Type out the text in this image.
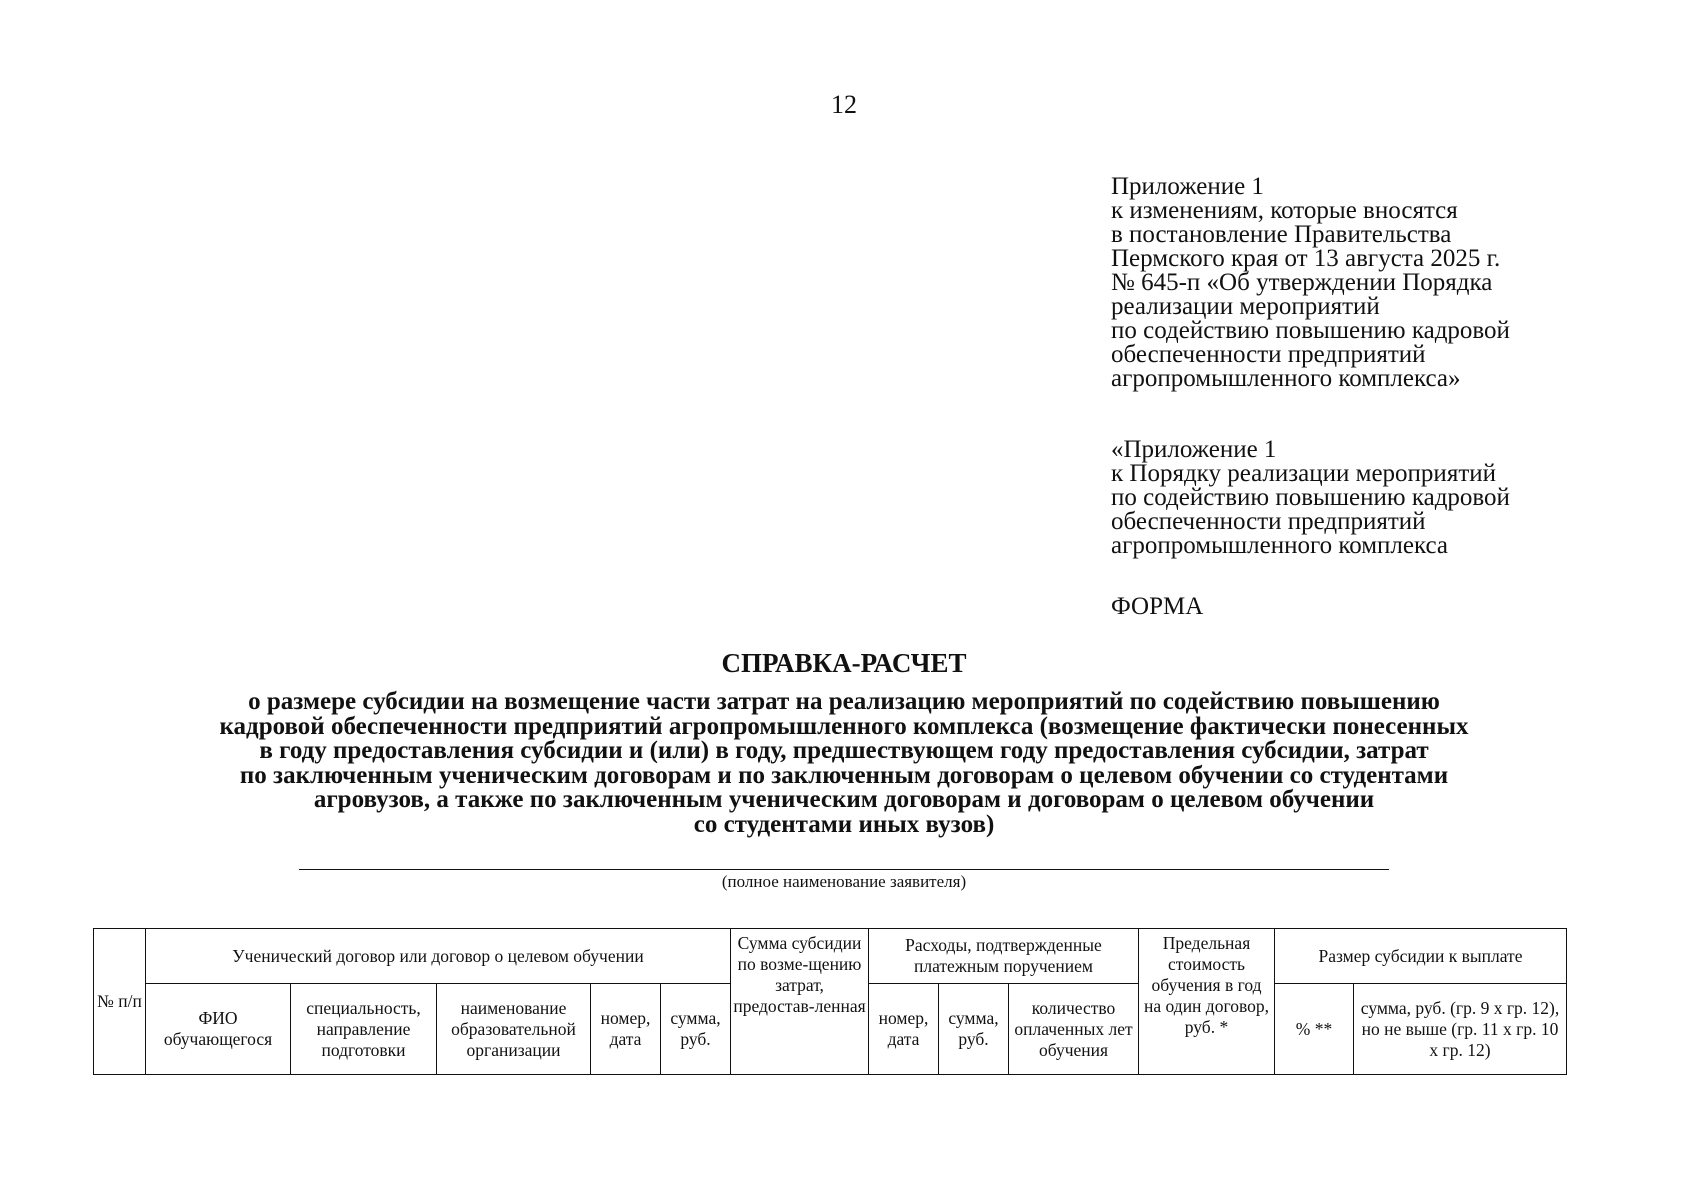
12
Приложение 1
к изменениям, которые вносятся
в постановление Правительства
Пермского края от 13 августа 2025 г.
№ 645-п «Об утверждении Порядка
реализации мероприятий
по содействию повышению кадровой
обеспеченности предприятий
агропромышленного комплекса»
«Приложение 1
к Порядку реализации мероприятий
по содействию повышению кадровой
обеспеченности предприятий
агропромышленного комплекса
ФОРМА
СПРАВКА-РАСЧЕТ
о размере субсидии на возмещение части затрат на реализацию мероприятий по содействию повышению
кадровой обеспеченности предприятий агропромышленного комплекса (возмещение фактически понесенных
в году предоставления субсидии и (или) в году, предшествующем году предоставления субсидии, затрат
по заключенным ученическим договорам и по заключенным договорам о целевом обучении со студентами
агровузов, а также по заключенным ученическим договорам и договорам о целевом обучении
со студентами иных вузов)
(полное наименование заявителя)
№ п/п	Ученический договор или договор о целевом обучении					Сумма субсидии по возме-щению затрат, предостав-ленная	Расходы, подтвержденные платежным поручением			Предельная стоимость обучения в год на один договор, руб. *	Размер субсидии к выплате	
	ФИО обучающегося	специальность, направление подготовки	наименование образовательной организации	номер, дата	сумма, руб.		номер, дата	сумма, руб.	количество оплаченных лет обучения		% **	сумма, руб. (гр. 9 x гр. 12), но не выше (гр. 11 x гр. 10 x гр. 12)
